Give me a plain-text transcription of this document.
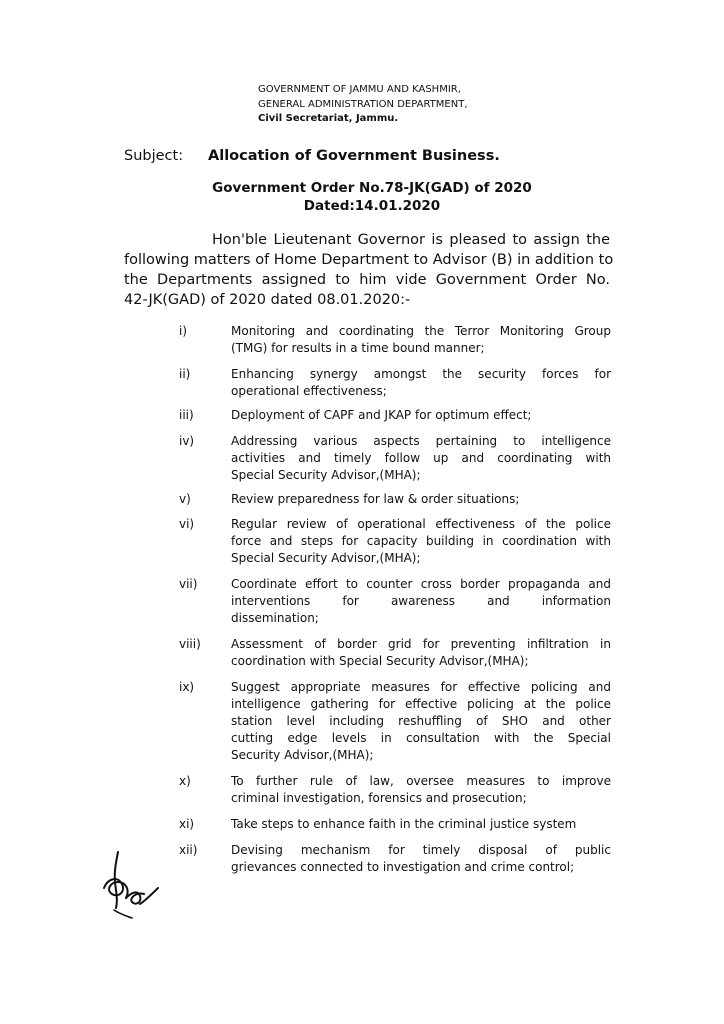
GOVERNMENT OF JAMMU AND KASHMIR,
GENERAL ADMINISTRATION DEPARTMENT,
Civil Secretariat, Jammu.
Subject: Allocation of Government Business.
Government Order No.78-JK(GAD) of 2020
Dated:14.01.2020
Hon'ble Lieutenant Governor is pleased to assign the
following matters of Home Department to Advisor (B) in addition to
the Departments assigned to him vide Government Order No.
42-JK(GAD) of 2020 dated 08.01.2020:-
i)	Monitoring and coordinating the Terror Monitoring Group
(TMG) for results in a time bound manner;
ii)	Enhancing synergy amongst the security forces for
operational effectiveness;
iii)	Deployment of CAPF and JKAP for optimum effect;
iv)	Addressing various aspects pertaining to intelligence
activities and timely follow up and coordinating with
Special Security Advisor,(MHA);
v)	Review preparedness for law & order situations;
vi)	Regular review of operational effectiveness of the police
force and steps for capacity building in coordination with
Special Security Advisor,(MHA);
vii)	Coordinate effort to counter cross border propaganda and
interventions for awareness and information
dissemination;
viii)	Assessment of border grid for preventing infiltration in
coordination with Special Security Advisor,(MHA);
ix)	Suggest appropriate measures for effective policing and
intelligence gathering for effective policing at the police
station level including reshuffling of SHO and other
cutting edge levels in consultation with the Special
Security Advisor,(MHA);
x)	To further rule of law, oversee measures to improve
criminal investigation, forensics and prosecution;
xi)	Take steps to enhance faith in the criminal justice system
xii)	Devising mechanism for timely disposal of public
grievances connected to investigation and crime control;
